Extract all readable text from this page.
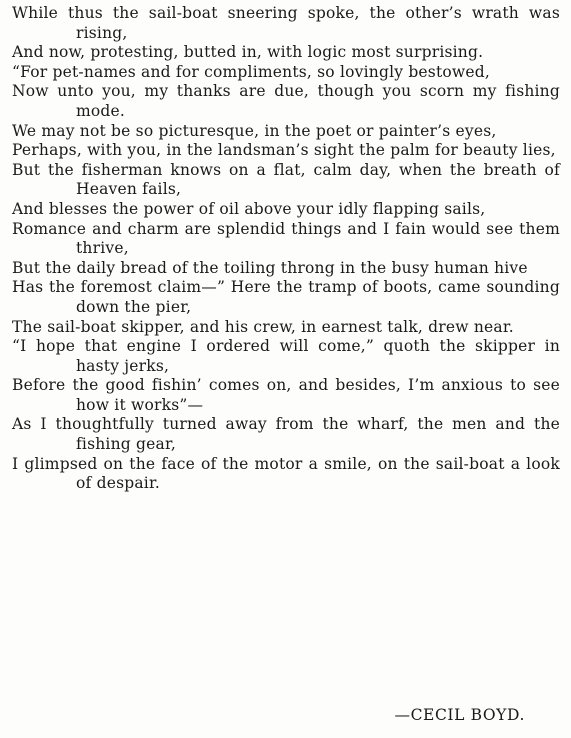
While thus the sail-boat sneering spoke, the other’s wrath was rising,

And now, protesting, butted in, with logic most surprising.

“For pet-names and for compliments, so lovingly bestowed,

Now unto you, my thanks are due, though you scorn my fishing mode.

We may not be so picturesque, in the poet or painter’s eyes,

Perhaps, with you, in the landsman’s sight the palm for beauty lies,

But the fisherman knows on a flat, calm day, when the breath of Heaven fails,

And blesses the power of oil above your idly flapping sails,

Romance and charm are splendid things and I fain would see them thrive,

But the daily bread of the toiling throng in the busy human hive

Has the foremost claim—” Here the tramp of boots, came sounding down the pier,

The sail-boat skipper, and his crew, in earnest talk, drew near.

“I hope that engine I ordered will come,” quoth the skipper in hasty jerks,

Before the good fishin’ comes on, and besides, I’m anxious to see how it works”—

As I thoughtfully turned away from the wharf, the men and the fishing gear,

I glimpsed on the face of the motor a smile, on the sail-boat a look of despair.

—CECIL BOYD.
